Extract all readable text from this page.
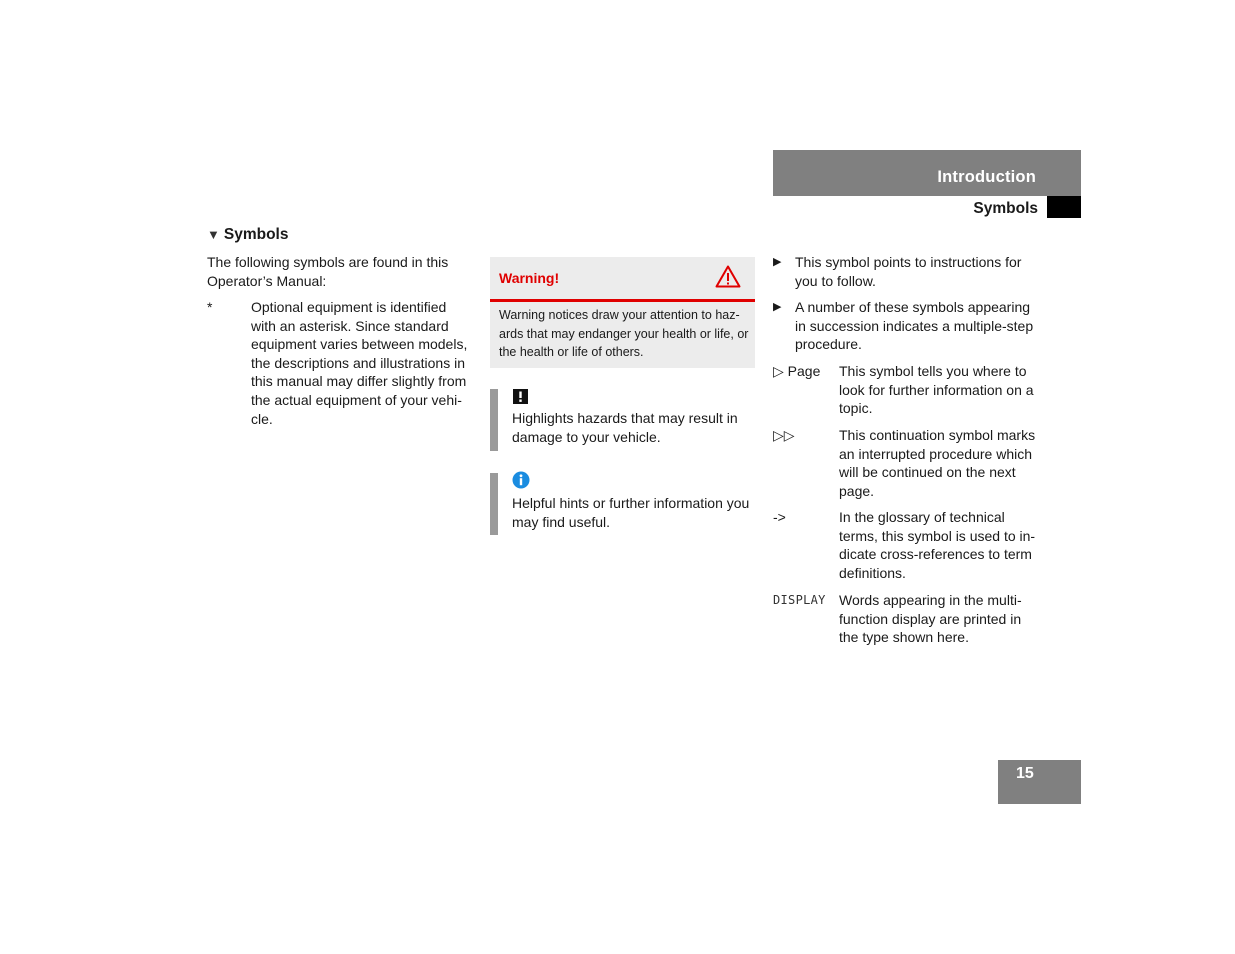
Introduction
Symbols
▼ Symbols
The following symbols are found in this Operator’s Manual:
*	Optional equipment is identified with an asterisk. Since standard equipment varies between models, the descriptions and illustrations in this manual may differ slightly from the actual equipment of your vehi-cle.
Warning!
Warning notices draw your attention to haz-ards that may endanger your health or life, or the health or life of others.
Highlights hazards that may result in damage to your vehicle.
Helpful hints or further information you may find useful.
▶ This symbol points to instructions for you to follow.
▶ A number of these symbols appearing in succession indicates a multiple-step procedure.
▷ Page This symbol tells you where to look for further information on a topic.
▷▷	This continuation symbol marks an interrupted procedure which will be continued on the next page.
->	In the glossary of technical terms, this symbol is used to in-dicate cross-references to term definitions.
DISPLAY Words appearing in the multi-function display are printed in the type shown here.
15
